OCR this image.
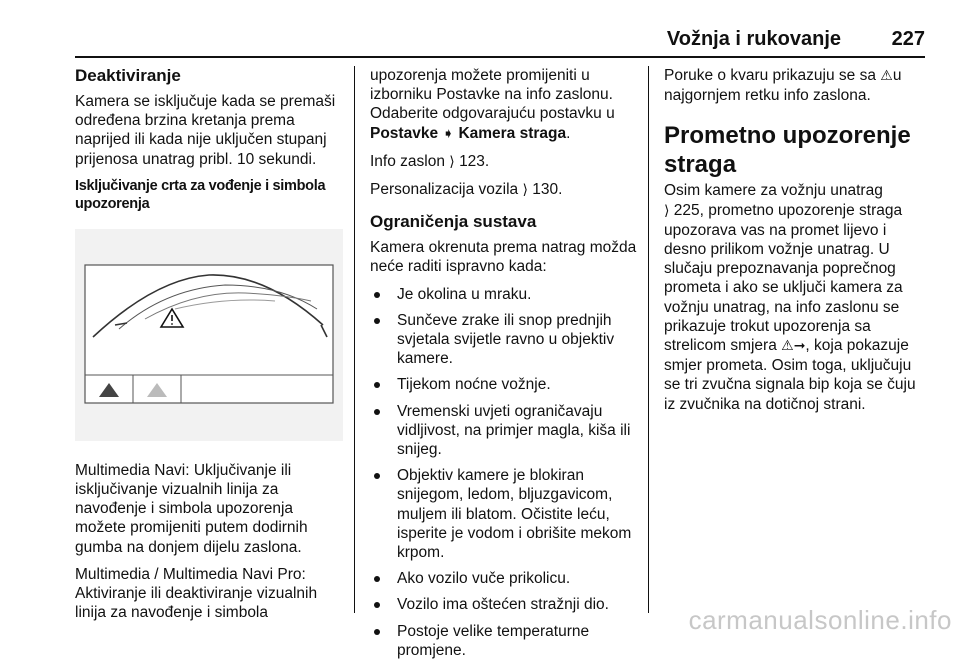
Vožnja i rukovanje	227
Deaktiviranje

Kamera se isključuje kada se premaši određena brzina kretanja prema naprijed ili kada nije uključen stupanj prijenosa unatrag pribl. 10 sekundi.

Isključivanje crta za vođenje i simbola upozorenja

Multimedia Navi: Uključivanje ili isključivanje vizualnih linija za navođenje i simbola upozorenja možete promijeniti putem dodirnih gumba na donjem dijelu zaslona.

Multimedia / Multimedia Navi Pro: Aktiviranje ili deaktiviranje vizualnih linija za navođenje i simbola

upozorenja možete promijeniti u izborniku Postavke na info zaslonu. Odaberite odgovarajuću postavku u Postavke ➧ Kamera straga.

Info zaslon ⟩ 123.

Personalizacija vozila ⟩ 130.

Ograničenja sustava

Kamera okrenuta prema natrag možda neće raditi ispravno kada:

Je okolina u mraku.
Sunčeve zrake ili snop prednjih svjetala svijetle ravno u objektiv kamere.
Tijekom noćne vožnje.
Vremenski uvjeti ograničavaju vidljivost, na primjer magla, kiša ili snijeg.
Objektiv kamere je blokiran snijegom, ledom, bljuzgavicom, muljem ili blatom. Očistite leću, isperite je vodom i obrišite mekom krpom.
Ako vozilo vuče prikolicu.
Vozilo ima oštećen stražnji dio.
Postoje velike temperaturne promjene.

Poruke o kvaru prikazuju se sa ⚠u najgornjem retku info zaslona.

Prometno upozorenje straga

Osim kamere za vožnju unatrag
⟩ 225, prometno upozorenje straga upozorava vas na promet lijevo i desno prilikom vožnje unatrag. U slučaju prepoznavanja poprečnog prometa i ako se uključi kamera za vožnju unatrag, na info zaslonu se prikazuje trokut upozorenja sa strelicom smjera ⚠➞, koja pokazuje smjer prometa. Osim toga, uključuju se tri zvučna signala bip koja se čuju iz zvučnika na dotičnoj strani.

carmanualsonline.info
